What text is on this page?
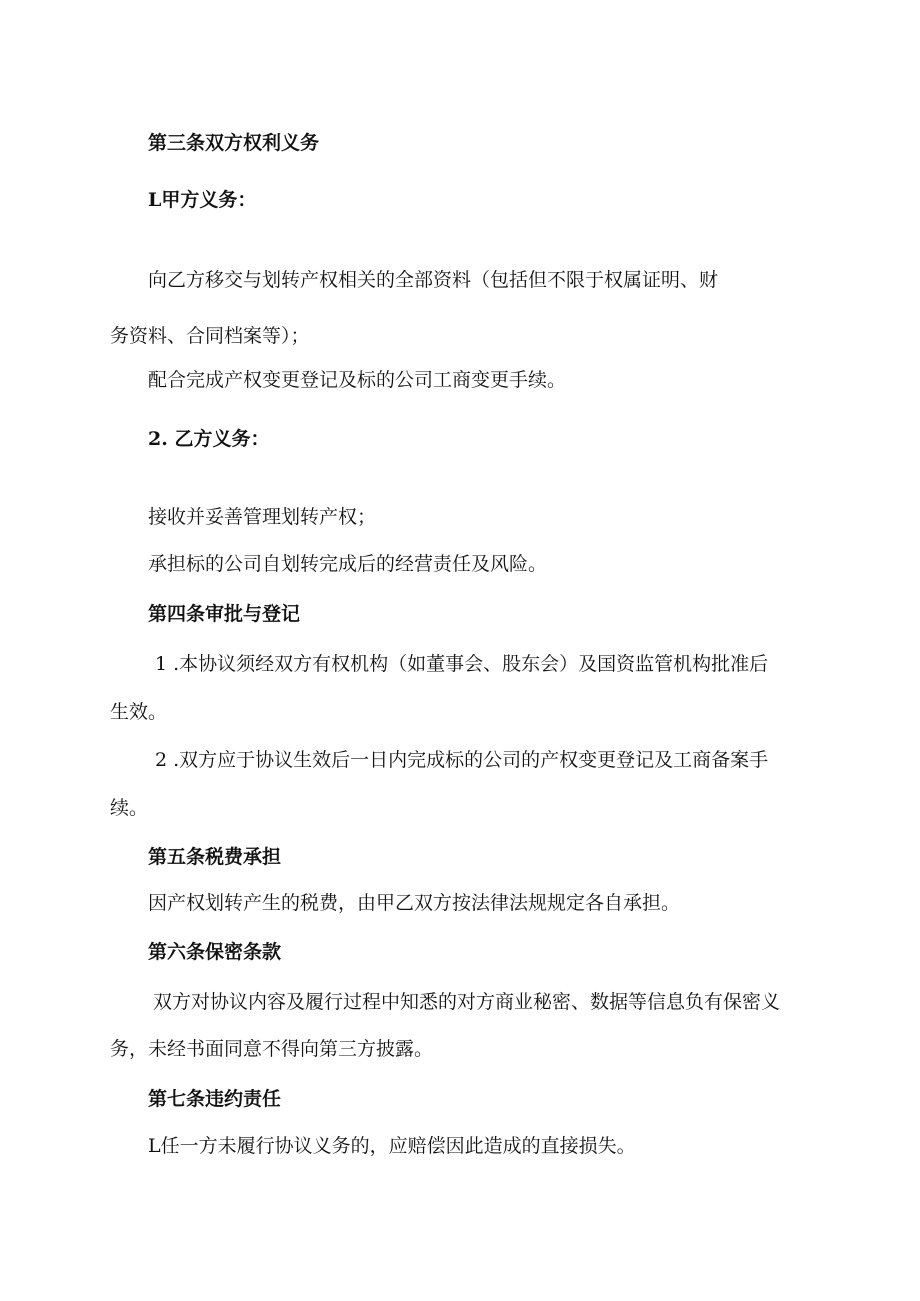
第三条双方权利义务
L甲方义务：
向乙方移交与划转产权相关的全部资料（包括但不限于权属证明、财
务资料、合同档案等）；
配合完成产权变更登记及标的公司工商变更手续。
2. 乙方义务：
接收并妥善管理划转产权；
承担标的公司自划转完成后的经营责任及风险。
第四条审批与登记
1 .本协议须经双方有权机构（如董事会、股东会）及国资监管机构批准后
生效。
2 .双方应于协议生效后一日内完成标的公司的产权变更登记及工商备案手
续。
第五条税费承担
因产权划转产生的税费，由甲乙双方按法律法规规定各自承担。
第六条保密条款
双方对协议内容及履行过程中知悉的对方商业秘密、数据等信息负有保密义
务，未经书面同意不得向第三方披露。
第七条违约责任
L任一方未履行协议义务的，应赔偿因此造成的直接损失。
